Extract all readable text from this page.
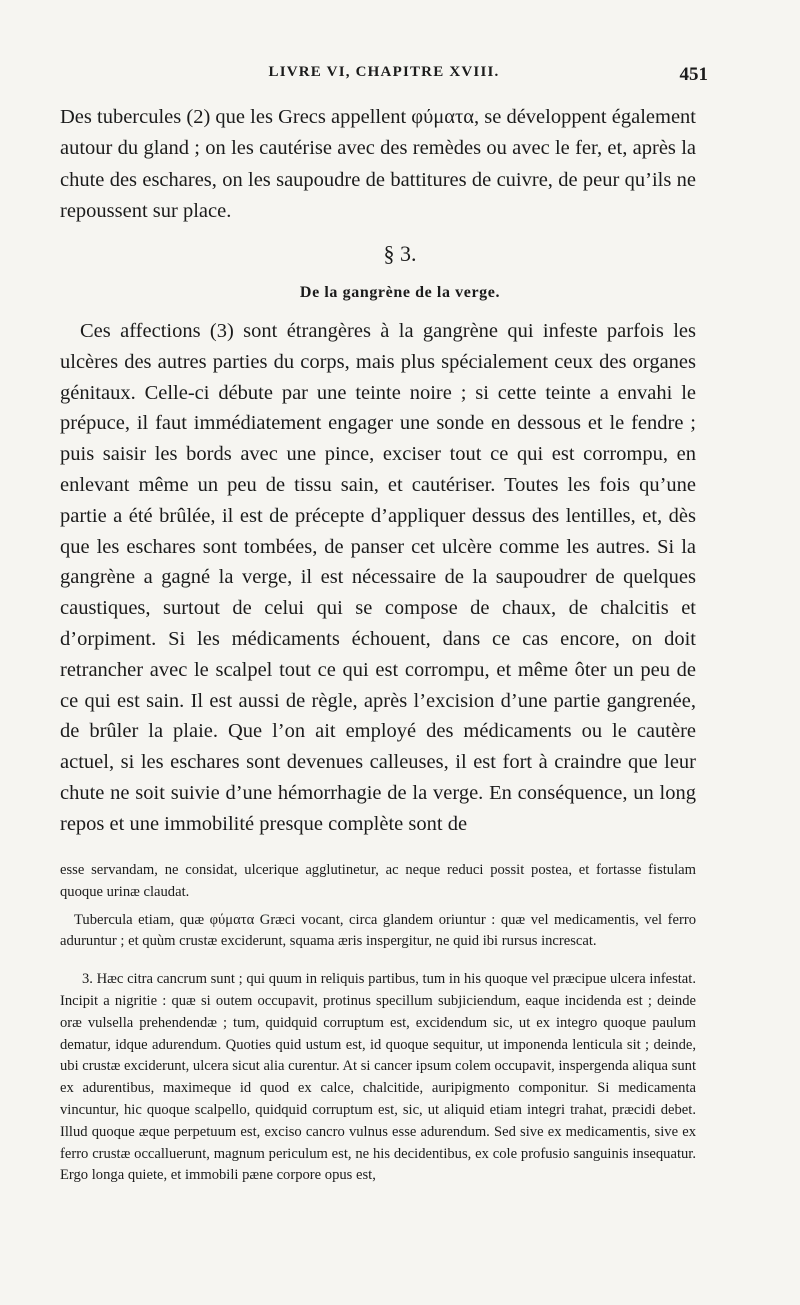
LIVRE VI, CHAPITRE XVIII.	451

Des tubercules (2) que les Grecs appellent φύματα, se développent également autour du gland ; on les cautérise avec des remèdes ou avec le fer, et, après la chute des eschares, on les saupoudre de battitures de cuivre, de peur qu’ils ne repoussent sur place.

§ 3.
De la gangrène de la verge.

Ces affections (3) sont étrangères à la gangrène qui infeste parfois les ulcères des autres parties du corps, mais plus spécialement ceux des organes génitaux. Celle-ci débute par une teinte noire ; si cette teinte a envahi le prépuce, il faut immédiatement engager une sonde en dessous et le fendre ; puis saisir les bords avec une pince, exciser tout ce qui est corrompu, en enlevant même un peu de tissu sain, et cautériser. Toutes les fois qu’une partie a été brûlée, il est de précepte d’appliquer dessus des lentilles, et, dès que les eschares sont tombées, de panser cet ulcère comme les autres. Si la gangrène a gagné la verge, il est nécessaire de la saupoudrer de quelques caustiques, surtout de celui qui se compose de chaux, de chalcitis et d’orpiment. Si les médicaments échouent, dans ce cas encore, on doit retrancher avec le scalpel tout ce qui est corrompu, et même ôter un peu de ce qui est sain. Il est aussi de règle, après l’excision d’une partie gangrenée, de brûler la plaie. Que l’on ait employé des médicaments ou le cautère actuel, si les eschares sont devenues calleuses, il est fort à craindre que leur chute ne soit suivie d’une hémorrhagie de la verge. En conséquence, un long repos et une immobilité presque complète sont de

esse servandam, ne considat, ulcerique agglutinetur, ac neque reduci possit postea, et fortasse fistulam quoque urinæ claudat.

Tubercula etiam, quæ φύματα Græci vocant, circa glandem oriuntur : quæ vel medicamentis, vel ferro aduruntur ; et quùm crustæ exciderunt, squama æris inspergitur, ne quid ibi rursus increscat.

3. Hæc citra cancrum sunt ; qui quum in reliquis partibus, tum in his quoque vel præcipue ulcera infestat. Incipit a nigritie : quæ si outem occupavit, protinus specillum subjiciendum, eaque incidenda est ; deinde oræ vulsella prehendendæ ; tum, quidquid corruptum est, excidendum sic, ut ex integro quoque paulum dematur, idque adurendum. Quoties quid ustum est, id quoque sequitur, ut imponenda lenticula sit ; deinde, ubi crustæ exciderunt, ulcera sicut alia curentur. At si cancer ipsum colem occupavit, inspergenda aliqua sunt ex adurentibus, maximeque id quod ex calce, chalcitide, auripigmento componitur. Si medicamenta vincuntur, hic quoque scalpello, quidquid corruptum est, sic, ut aliquid etiam integri trahat, præcidi debet. Illud quoque æque perpetuum est, exciso cancro vulnus esse adurendum. Sed sive ex medicamentis, sive ex ferro crustæ occalluerunt, magnum periculum est, ne his decidentibus, ex cole profusio sanguinis insequatur. Ergo longa quiete, et immobili pæne corpore opus est,
